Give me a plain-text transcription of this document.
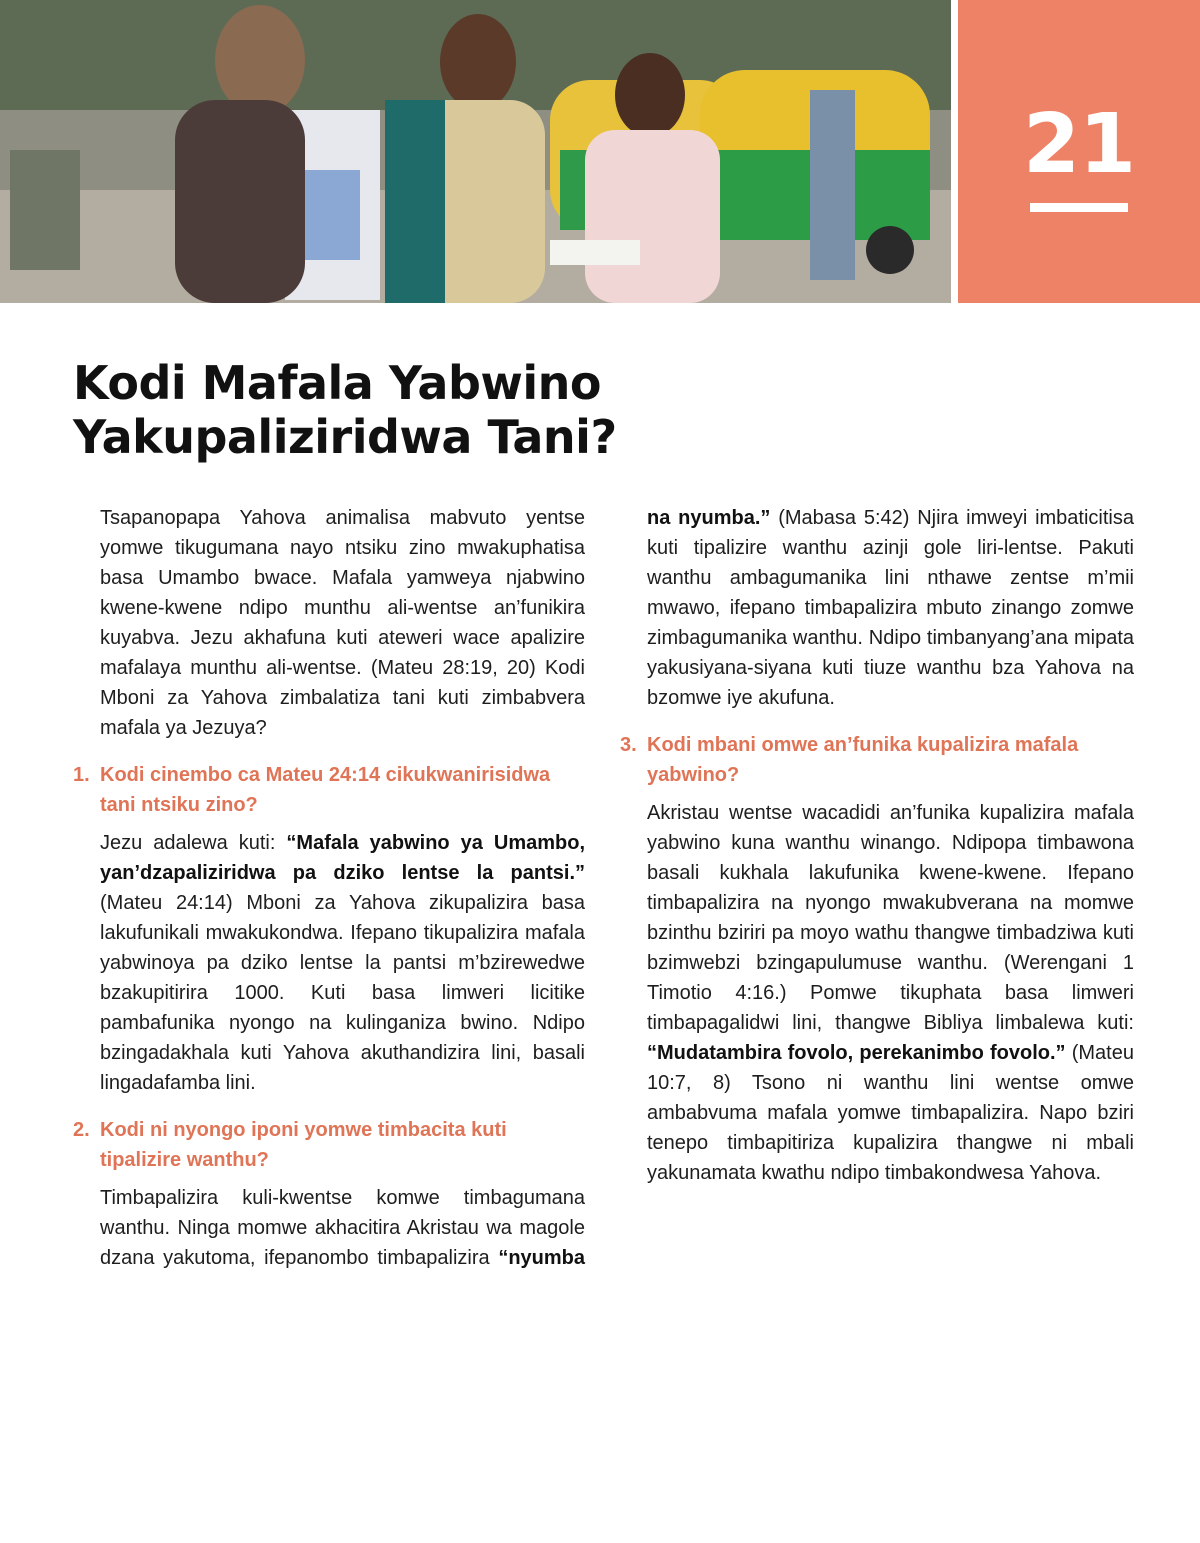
21
Kodi Mafala Yabwino
Yakupaliziridwa Tani?

Tsapanopapa Yahova animalisa mabvuto yentse yomwe tikugumana nayo ntsiku zino mwakuphatisa basa Umambo bwace. Mafala yamweya njabwino kwene-kwene ndipo munthu ali-wentse an’funikira kuyabva. Jezu akhafuna kuti ateweri wace apalizire mafalaya munthu ali-wentse. (Mateu 28:19, 20) Kodi Mboni za Yahova zimbalatiza tani kuti zimbabvera mafala ya Jezuya?

1. Kodi cinembo ca Mateu 24:14 cikukwanirisidwa tani ntsiku zino?

Jezu adalewa kuti: “Mafala yabwino ya Umambo, yan’dzapaliziridwa pa dziko lentse la pantsi.” (Mateu 24:14) Mboni za Yahova zikupalizira basa lakufunikali mwakukondwa. Ifepano tikupalizira mafala yabwinoya pa dziko lentse la pantsi m’bzirewedwe bzakupitirira 1000. Kuti basa limweri licitike pambafunika nyongo na kulinganiza bwino. Ndipo bzingadakhala kuti Yahova akuthandizira lini, basali lingadafamba lini.

2. Kodi ni nyongo iponi yomwe timbacita kuti tipalizire wanthu?

Timbapalizira kuli-kwentse komwe timbagumana wanthu. Ninga momwe akhacitira Akristau wa magole dzana yakutoma, ifepanombo timbapalizira “nyumba

na nyumba.” (Mabasa 5:42) Njira imweyi imbaticitisa kuti tipalizire wanthu azinji gole liri-lentse. Pakuti wanthu ambagumanika lini nthawe zentse m’mii mwawo, ifepano timbapalizira mbuto zinango zomwe zimbagumanika wanthu. Ndipo timbanyang’ana mipata yakusiyana-siyana kuti tiuze wanthu bza Yahova na bzomwe iye akufuna.

3. Kodi mbani omwe an’funika kupalizira mafala yabwino?

Akristau wentse wacadidi an’funika kupalizira mafala yabwino kuna wanthu winango. Ndipopa timbawona basali kukhala lakufunika kwene-kwene. Ifepano timbapalizira na nyongo mwakubverana na momwe bzinthu bziriri pa moyo wathu thangwe timbadziwa kuti bzimwebzi bzingapulumuse wanthu. (Werengani 1 Timotio 4:16.) Pomwe tikuphata basa limweri timbapagalidwi lini, thangwe Bibliya limbalewa kuti: “Mudatambira fovolo, perekanimbo fovolo.” (Mateu 10:7, 8) Tsono ni wanthu lini wentse omwe ambabvuma mafala yomwe timbapalizira. Napo bziri tenepo timbapitiriza kupalizira thangwe ni mbali yakunamata kwathu ndipo timbakondwesa Yahova.
